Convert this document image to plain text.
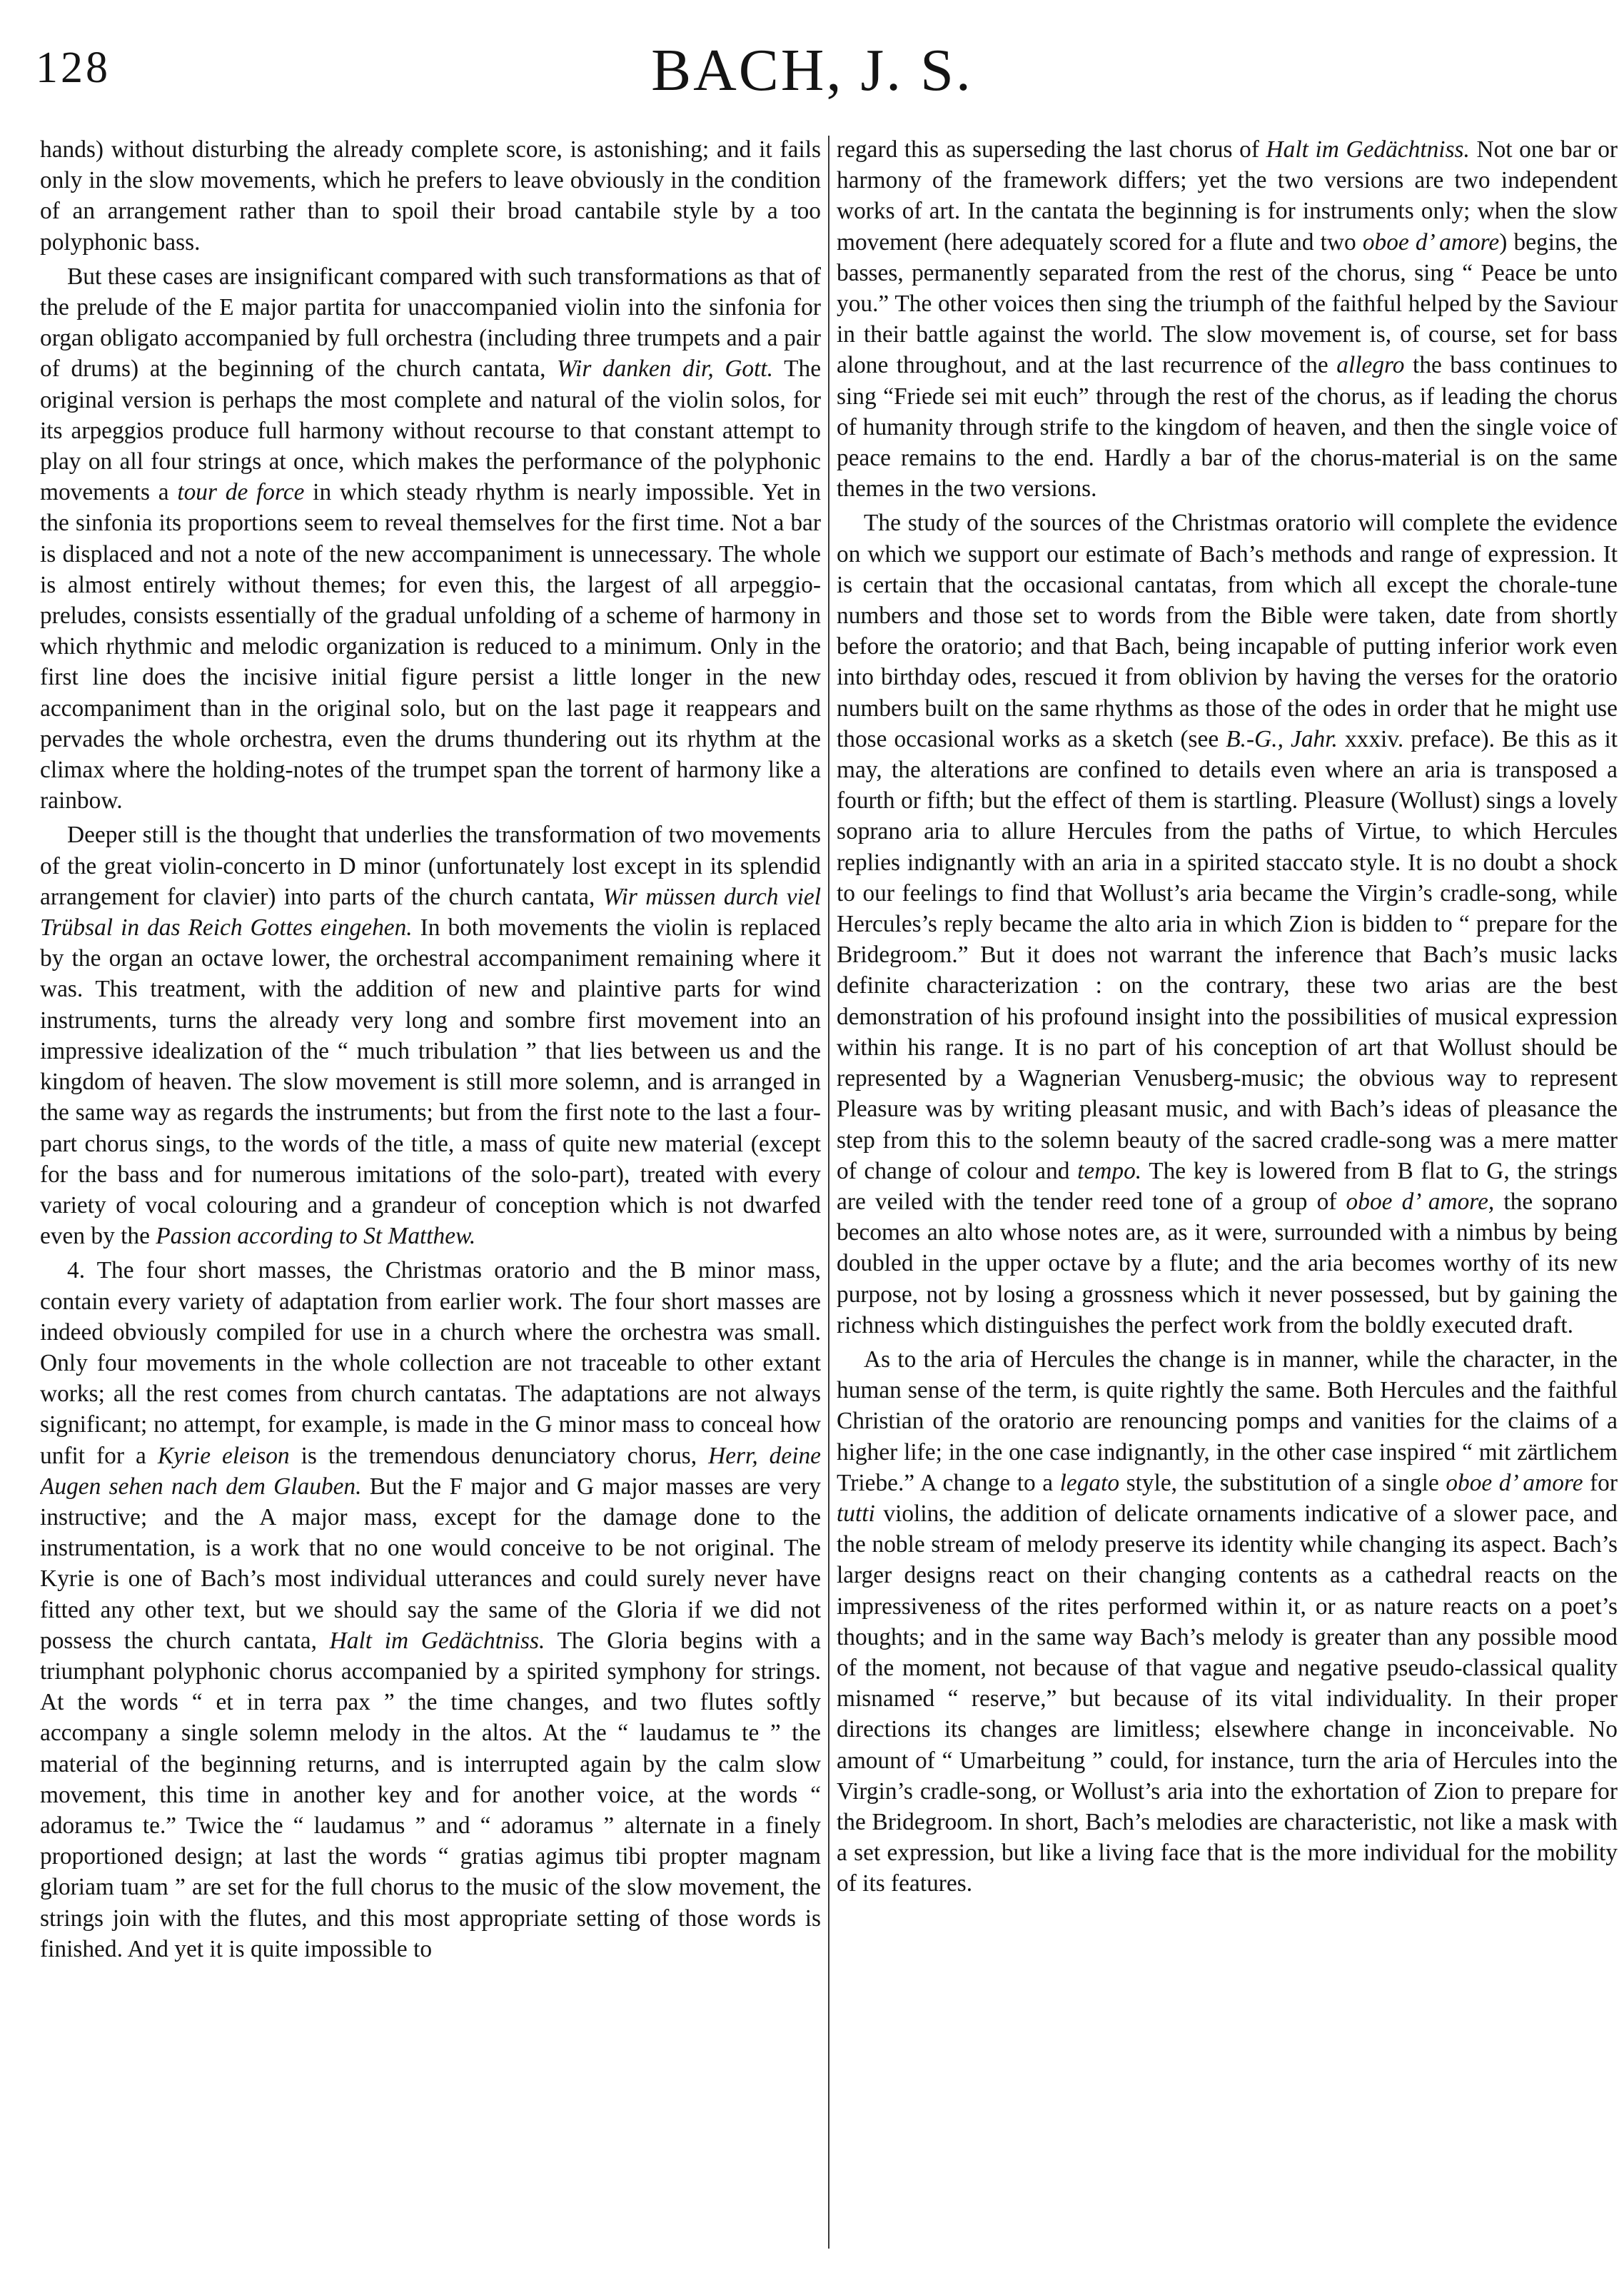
128	BACH, J. S.

hands) without disturbing the already complete score, is astonishing; and it fails only in the slow movements, which he prefers to leave obviously in the condition of an arrangement rather than to spoil their broad cantabile style by a too polyphonic bass.

But these cases are insignificant compared with such transformations as that of the prelude of the E major partita for unaccompanied violin into the sinfonia for organ obligato accompanied by full orchestra (including three trumpets and a pair of drums) at the beginning of the church cantata, Wir danken dir, Gott. The original version is perhaps the most complete and natural of the violin solos, for its arpeggios produce full harmony without recourse to that constant attempt to play on all four strings at once, which makes the performance of the polyphonic movements a tour de force in which steady rhythm is nearly impossible. Yet in the sinfonia its proportions seem to reveal themselves for the first time. Not a bar is displaced and not a note of the new accompaniment is unnecessary. The whole is almost entirely without themes; for even this, the largest of all arpeggio-preludes, consists essentially of the gradual unfolding of a scheme of harmony in which rhythmic and melodic organization is reduced to a minimum. Only in the first line does the incisive initial figure persist a little longer in the new accompaniment than in the original solo, but on the last page it reappears and pervades the whole orchestra, even the drums thundering out its rhythm at the climax where the holding-notes of the trumpet span the torrent of harmony like a rainbow.

Deeper still is the thought that underlies the transformation of two movements of the great violin-concerto in D minor (unfortunately lost except in its splendid arrangement for clavier) into parts of the church cantata, Wir müssen durch viel Trübsal in das Reich Gottes eingehen. In both movements the violin is replaced by the organ an octave lower, the orchestral accompaniment remaining where it was. This treatment, with the addition of new and plaintive parts for wind instruments, turns the already very long and sombre first movement into an impressive idealization of the “ much tribulation ” that lies between us and the kingdom of heaven. The slow movement is still more solemn, and is arranged in the same way as regards the instruments; but from the first note to the last a four-part chorus sings, to the words of the title, a mass of quite new material (except for the bass and for numerous imitations of the solo-part), treated with every variety of vocal colouring and a grandeur of conception which is not dwarfed even by the Passion according to St Matthew.

4. The four short masses, the Christmas oratorio and the B minor mass, contain every variety of adaptation from earlier work. The four short masses are indeed obviously compiled for use in a church where the orchestra was small. Only four movements in the whole collection are not traceable to other extant works; all the rest comes from church cantatas. The adaptations are not always significant; no attempt, for example, is made in the G minor mass to conceal how unfit for a Kyrie eleison is the tremendous denunciatory chorus, Herr, deine Augen sehen nach dem Glauben. But the F major and G major masses are very instructive; and the A major mass, except for the damage done to the instrumentation, is a work that no one would conceive to be not original. The Kyrie is one of Bach’s most individual utterances and could surely never have fitted any other text, but we should say the same of the Gloria if we did not possess the church cantata, Halt im Gedächtniss. The Gloria begins with a triumphant polyphonic chorus accompanied by a spirited symphony for strings. At the words “ et in terra pax ” the time changes, and two flutes softly accompany a single solemn melody in the altos. At the “ laudamus te ” the material of the beginning returns, and is interrupted again by the calm slow movement, this time in another key and for another voice, at the words “ adoramus te.” Twice the “ laudamus ” and “ adoramus ” alternate in a finely proportioned design; at last the words “ gratias agimus tibi propter magnam gloriam tuam ” are set for the full chorus to the music of the slow movement, the strings join with the flutes, and this most appropriate setting of those words is finished. And yet it is quite impossible to

regard this as superseding the last chorus of Halt im Gedächtniss. Not one bar or harmony of the framework differs; yet the two versions are two independent works of art. In the cantata the beginning is for instruments only; when the slow movement (here adequately scored for a flute and two oboe d’ amore) begins, the basses, permanently separated from the rest of the chorus, sing “ Peace be unto you.” The other voices then sing the triumph of the faithful helped by the Saviour in their battle against the world. The slow movement is, of course, set for bass alone throughout, and at the last recurrence of the allegro the bass continues to sing “Friede sei mit euch” through the rest of the chorus, as if leading the chorus of humanity through strife to the kingdom of heaven, and then the single voice of peace remains to the end. Hardly a bar of the chorus-material is on the same themes in the two versions.

The study of the sources of the Christmas oratorio will complete the evidence on which we support our estimate of Bach’s methods and range of expression. It is certain that the occasional cantatas, from which all except the chorale-tune numbers and those set to words from the Bible were taken, date from shortly before the oratorio; and that Bach, being incapable of putting inferior work even into birthday odes, rescued it from oblivion by having the verses for the oratorio numbers built on the same rhythms as those of the odes in order that he might use those occasional works as a sketch (see B.-G., Jahr. xxxiv. preface). Be this as it may, the alterations are confined to details even where an aria is transposed a fourth or fifth; but the effect of them is startling. Pleasure (Wollust) sings a lovely soprano aria to allure Hercules from the paths of Virtue, to which Hercules replies indignantly with an aria in a spirited staccato style. It is no doubt a shock to our feelings to find that Wollust’s aria became the Virgin’s cradle-song, while Hercules’s reply became the alto aria in which Zion is bidden to “ prepare for the Bridegroom.” But it does not warrant the inference that Bach’s music lacks definite characterization : on the contrary, these two arias are the best demonstration of his profound insight into the possibilities of musical expression within his range. It is no part of his conception of art that Wollust should be represented by a Wagnerian Venusberg-music; the obvious way to represent Pleasure was by writing pleasant music, and with Bach’s ideas of pleasance the step from this to the solemn beauty of the sacred cradle-song was a mere matter of change of colour and tempo. The key is lowered from B flat to G, the strings are veiled with the tender reed tone of a group of oboe d’ amore, the soprano becomes an alto whose notes are, as it were, surrounded with a nimbus by being doubled in the upper octave by a flute; and the aria becomes worthy of its new purpose, not by losing a grossness which it never possessed, but by gaining the richness which distinguishes the perfect work from the boldly executed draft.

As to the aria of Hercules the change is in manner, while the character, in the human sense of the term, is quite rightly the same. Both Hercules and the faithful Christian of the oratorio are renouncing pomps and vanities for the claims of a higher life; in the one case indignantly, in the other case inspired “ mit zärtlichem Triebe.” A change to a legato style, the substitution of a single oboe d’ amore for tutti violins, the addition of delicate ornaments indicative of a slower pace, and the noble stream of melody preserve its identity while changing its aspect. Bach’s larger designs react on their changing contents as a cathedral reacts on the impressiveness of the rites performed within it, or as nature reacts on a poet’s thoughts; and in the same way Bach’s melody is greater than any possible mood of the moment, not because of that vague and negative pseudo-classical quality misnamed “ reserve,” but because of its vital individuality. In their proper directions its changes are limitless; elsewhere change in inconceivable. No amount of “ Umarbeitung ” could, for instance, turn the aria of Hercules into the Virgin’s cradle-song, or Wollust’s aria into the exhortation of Zion to prepare for the Bridegroom. In short, Bach’s melodies are characteristic, not like a mask with a set expression, but like a living face that is the more individual for the mobility of its features.
